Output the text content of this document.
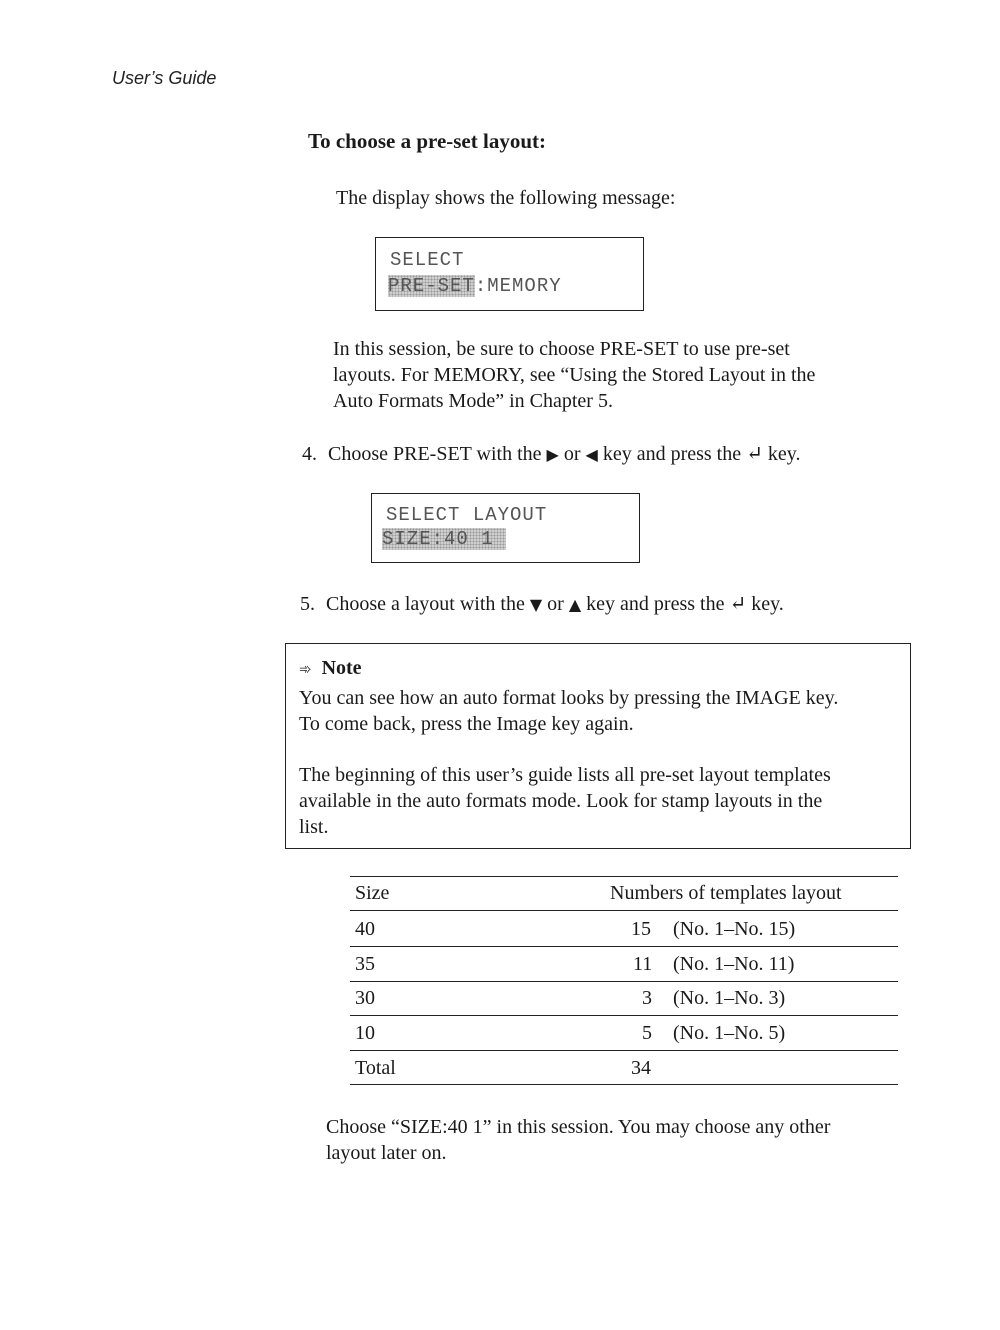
User’s Guide
To choose a pre-set layout:
The display shows the following message:
SELECT
PRE-SET:MEMORY
In this session, be sure to choose PRE-SET to use pre-set
layouts. For MEMORY, see “Using the Stored Layout in the
Auto Formats Mode” in Chapter 5.
4. Choose PRE-SET with the ▶ or ◀ key and press the ↵ key.
SELECT LAYOUT
SIZE:40 1
5. Choose a layout with the ▼ or ▲ key and press the ↵ key.
➾ Note
You can see how an auto format looks by pressing the IMAGE key.
To come back, press the Image key again.
The beginning of this user’s guide lists all pre-set layout templates
available in the auto formats mode. Look for stamp layouts in the
list.
Size	Numbers of templates layout
40	15 (No. 1–No. 15)
35	11 (No. 1–No. 11)
30	3 (No. 1–No. 3)
10	5 (No. 1–No. 5)
Total	34
Choose “SIZE:40 1” in this session. You may choose any other
layout later on.
